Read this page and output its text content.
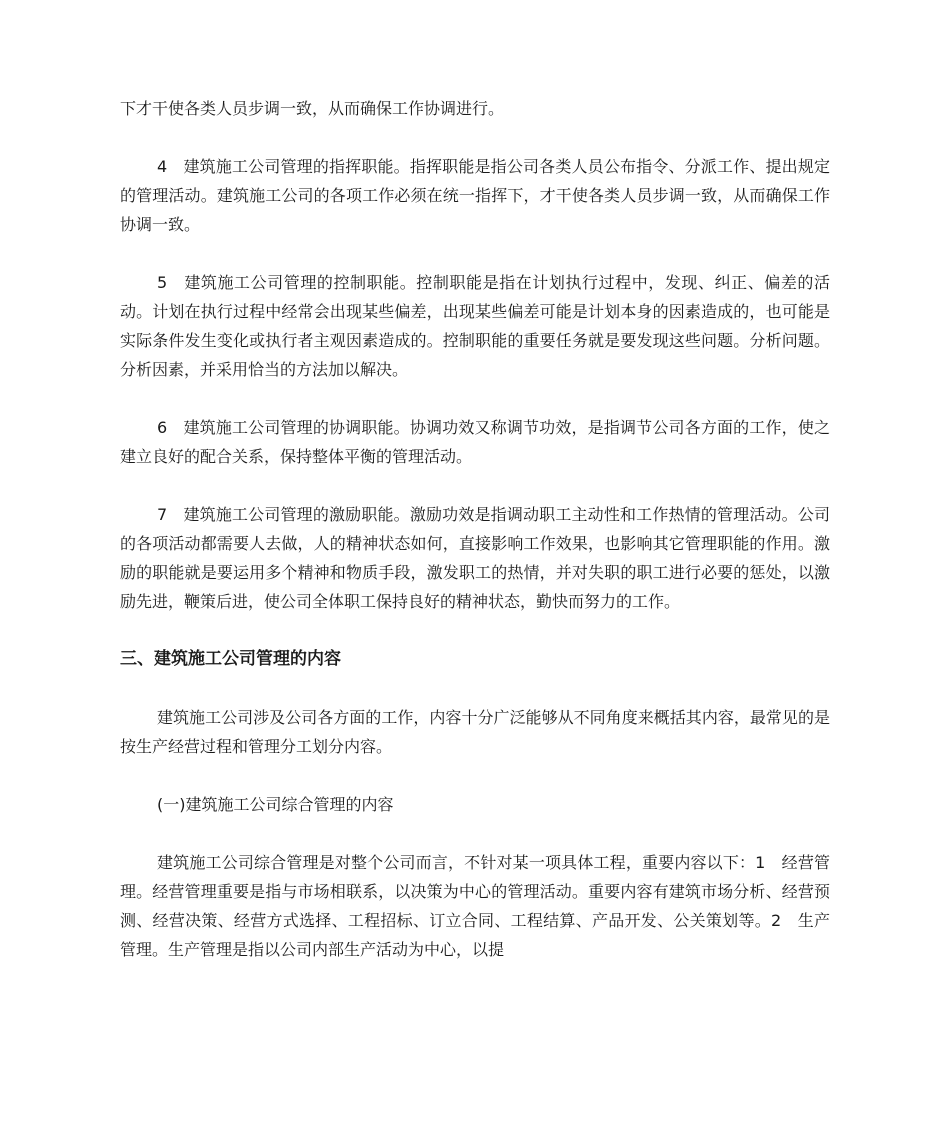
下才干使各类人员步调一致，从而确保工作协调进行。

4　建筑施工公司管理的指挥职能。指挥职能是指公司各类人员公布指令、分派工作、提出规定的管理活动。建筑施工公司的各项工作必须在统一指挥下，才干使各类人员步调一致，从而确保工作协调一致。

5　建筑施工公司管理的控制职能。控制职能是指在计划执行过程中，发现、纠正、偏差的活动。计划在执行过程中经常会出现某些偏差，出现某些偏差可能是计划本身的因素造成的，也可能是实际条件发生变化或执行者主观因素造成的。控制职能的重要任务就是要发现这些问题。分析问题。分析因素，并采用恰当的方法加以解决。

6　建筑施工公司管理的协调职能。协调功效又称调节功效，是指调节公司各方面的工作，使之建立良好的配合关系，保持整体平衡的管理活动。

7　建筑施工公司管理的激励职能。激励功效是指调动职工主动性和工作热情的管理活动。公司的各项活动都需要人去做，人的精神状态如何，直接影响工作效果，也影响其它管理职能的作用。激励的职能就是要运用多个精神和物质手段，激发职工的热情，并对失职的职工进行必要的惩处，以激励先进，鞭策后进，使公司全体职工保持良好的精神状态，勤快而努力的工作。

三、建筑施工公司管理的内容

建筑施工公司涉及公司各方面的工作，内容十分广泛能够从不同角度来概括其内容，最常见的是按生产经营过程和管理分工划分内容。

(一)建筑施工公司综合管理的内容

建筑施工公司综合管理是对整个公司而言，不针对某一项具体工程，重要内容以下：1　经营管理。经营管理重要是指与市场相联系，以决策为中心的管理活动。重要内容有建筑市场分析、经营预测、经营决策、经营方式选择、工程招标、订立合同、工程结算、产品开发、公关策划等。2　生产管理。生产管理是指以公司内部生产活动为中心，以提
